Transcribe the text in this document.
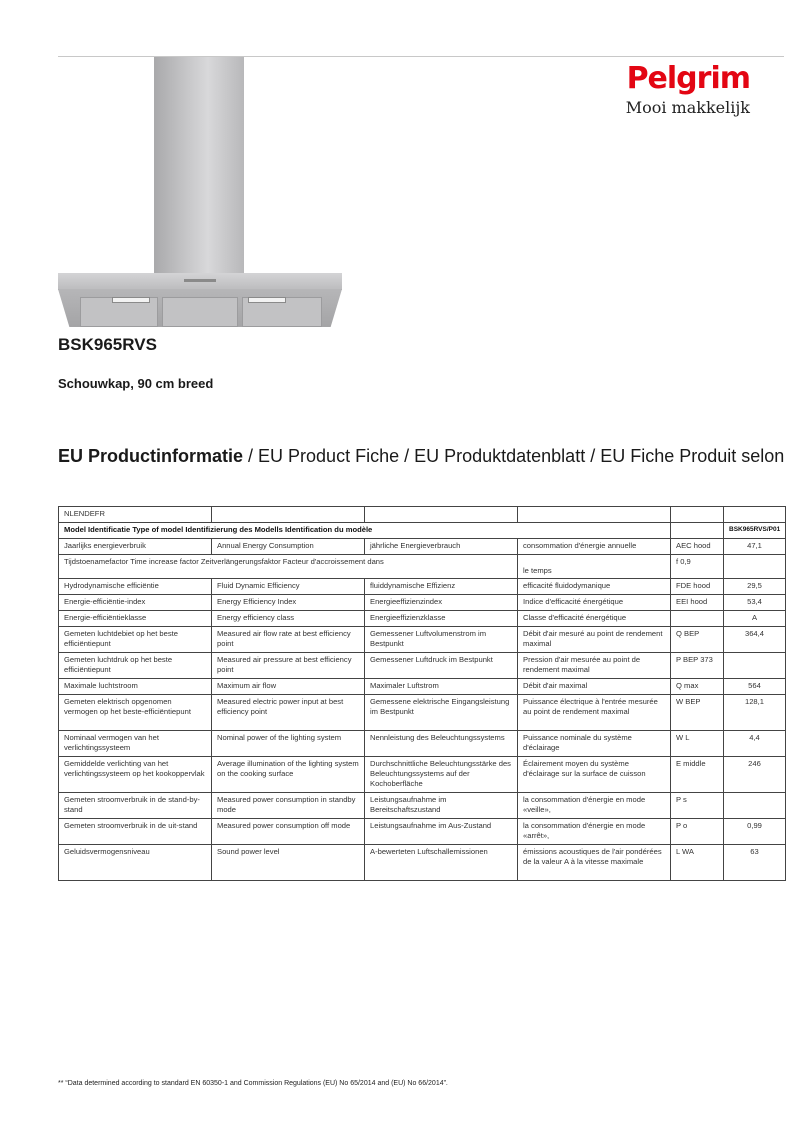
Pelgrim
Mooi makkelijk
BSK965RVS
Schouwkap, 90 cm breed
EU Productinformatie / EU Product Fiche / EU Produktdatenblatt / EU Fiche Produit selon
NLENDEFR					
Model Identificatie Type of model Identifizierung des Modells Identification du modèle					BSK965RVS/P01
Jaarlijks energieverbruik	Annual Energy Consumption	jährliche Energieverbrauch	consommation d'énergie annuelle	AEC hood	47,1
Tijdstoenamefactor Time increase factor Zeitverlängerungsfaktor Facteur d'accroissement dans			le temps	f 0,9	
Hydrodynamische efficiëntie	Fluid Dynamic Efficiency	fluiddynamische Effizienz	efficacité fluidodymanique	FDE hood	29,5
Energie-efficiëntie-index	Energy Efficiency Index	Energieeffizienzindex	Indice d'efficacité énergétique	EEI hood	53,4
Energie-efficiëntieklasse	Energy efficiency class	Energieeffizienzklasse	Classe d'efficacité énergétique		A
Gemeten luchtdebiet op het beste efficiëntiepunt	Measured air flow rate at best efficiency point	Gemessener Luftvolumenstrom im Bestpunkt	Débit d'air mesuré au point de rendement maximal	Q BEP	364,4
Gemeten luchtdruk op het beste efficiëntiepunt	Measured air pressure at best efficiency point	Gemessener Luftdruck im Bestpunkt	Pression d'air mesurée au point de rendement maximal	P BEP 373	
Maximale luchtstroom	Maximum air flow	Maximaler Luftstrom	Débit d'air maximal	Q max	564
Gemeten elektrisch opgenomen vermogen op het beste-efficiëntiepunt	Measured electric power input at best efficiency point	Gemessene elektrische Eingangsleistung im Bestpunkt	Puissance électrique à l'entrée mesurée au point de rendement maximal	W BEP	128,1
Nominaal vermogen van het verlichtingssysteem	Nominal power of the lighting system	Nennleistung des Beleuchtungssystems	Puissance nominale du système d'éclairage	W L	4,4
Gemiddelde verlichting van het verlichtingssysteem op het kookoppervlak	Average illumination of the lighting system on the cooking surface	Durchschnittliche Beleuchtungsstärke des Beleuchtungssystems auf der Kochoberfläche	Éclairement moyen du système d'éclairage sur la surface de cuisson	E middle	246
Gemeten stroomverbruik in de stand-by- stand	Measured power consumption in standby mode	Leistungsaufnahme im Bereitschaftszustand	la consommation d'énergie en mode «veille»,	P s	
Gemeten stroomverbruik in de uit-stand	Measured power consumption off mode	Leistungsaufnahme im Aus-Zustand	la consommation d'énergie en mode «arrêt»,	P o	0,99
Geluidsvermogensniveau	Sound power level	A-bewerteten Luftschallemissionen	émissions acoustiques de l'air pondérées de la valeur A à la vitesse maximale	L WA	63
** “Data determined according to standard EN 60350-1 and Commission Regulations (EU) No 65/2014 and (EU) No 66/2014”.
